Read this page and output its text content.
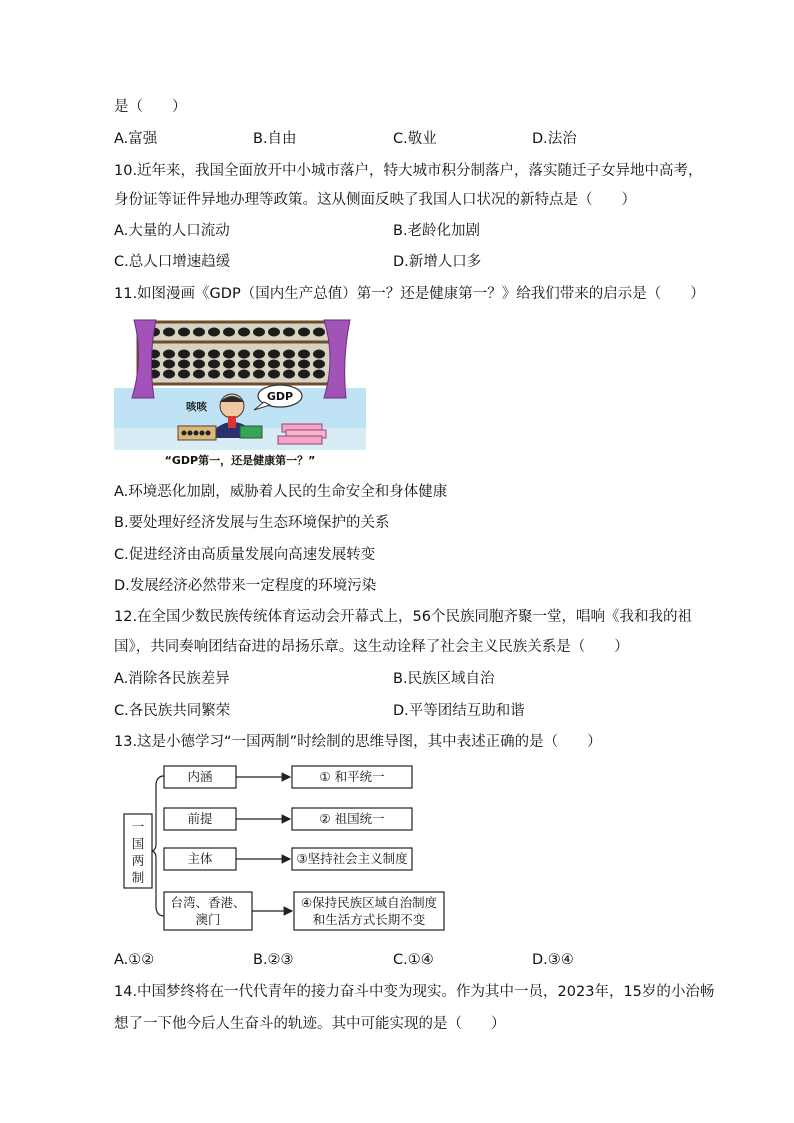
是（　　）
A.富强	B.自由	C.敬业	D.法治
10.近年来，我国全面放开中小城市落户，特大城市积分制落户，落实随迁子女异地中高考，
身份证等证件异地办理等政策。这从侧面反映了我国人口状况的新特点是（　　）
A.大量的人口流动	B.老龄化加剧
C.总人口增速趋缓	D.新增人口多
11.如图漫画《GDP（国内生产总值）第一？还是健康第一？》给我们带来的启示是（　　）
GDP
咳咳
“GDP第一，还是健康第一？”
A.环境恶化加剧，威胁着人民的生命安全和身体健康
B.要处理好经济发展与生态环境保护的关系
C.促进经济由高质量发展向高速发展转变
D.发展经济必然带来一定程度的环境污染
12.在全国少数民族传统体育运动会开幕式上，56个民族同胞齐聚一堂，唱响《我和我的祖
国》，共同奏响团结奋进的昂扬乐章。这生动诠释了社会主义民族关系是（　　）
A.消除各民族差异	B.民族区域自治
C.各民族共同繁荣	D.平等团结互助和谐
13.这是小德学习“一国两制”时绘制的思维导图，其中表述正确的是（　　）
一
国
两
制
内涵
前提
主体
台湾、香港、
澳门
① 和平统一
② 祖国统一
③坚持社会主义制度
④保持民族区域自治制度
和生活方式长期不变
A.①②	B.②③	C.①④	D.③④
14.中国梦终将在一代代青年的接力奋斗中变为现实。作为其中一员，2023年，15岁的小治畅
想了一下他今后人生奋斗的轨迹。其中可能实现的是（　　）
